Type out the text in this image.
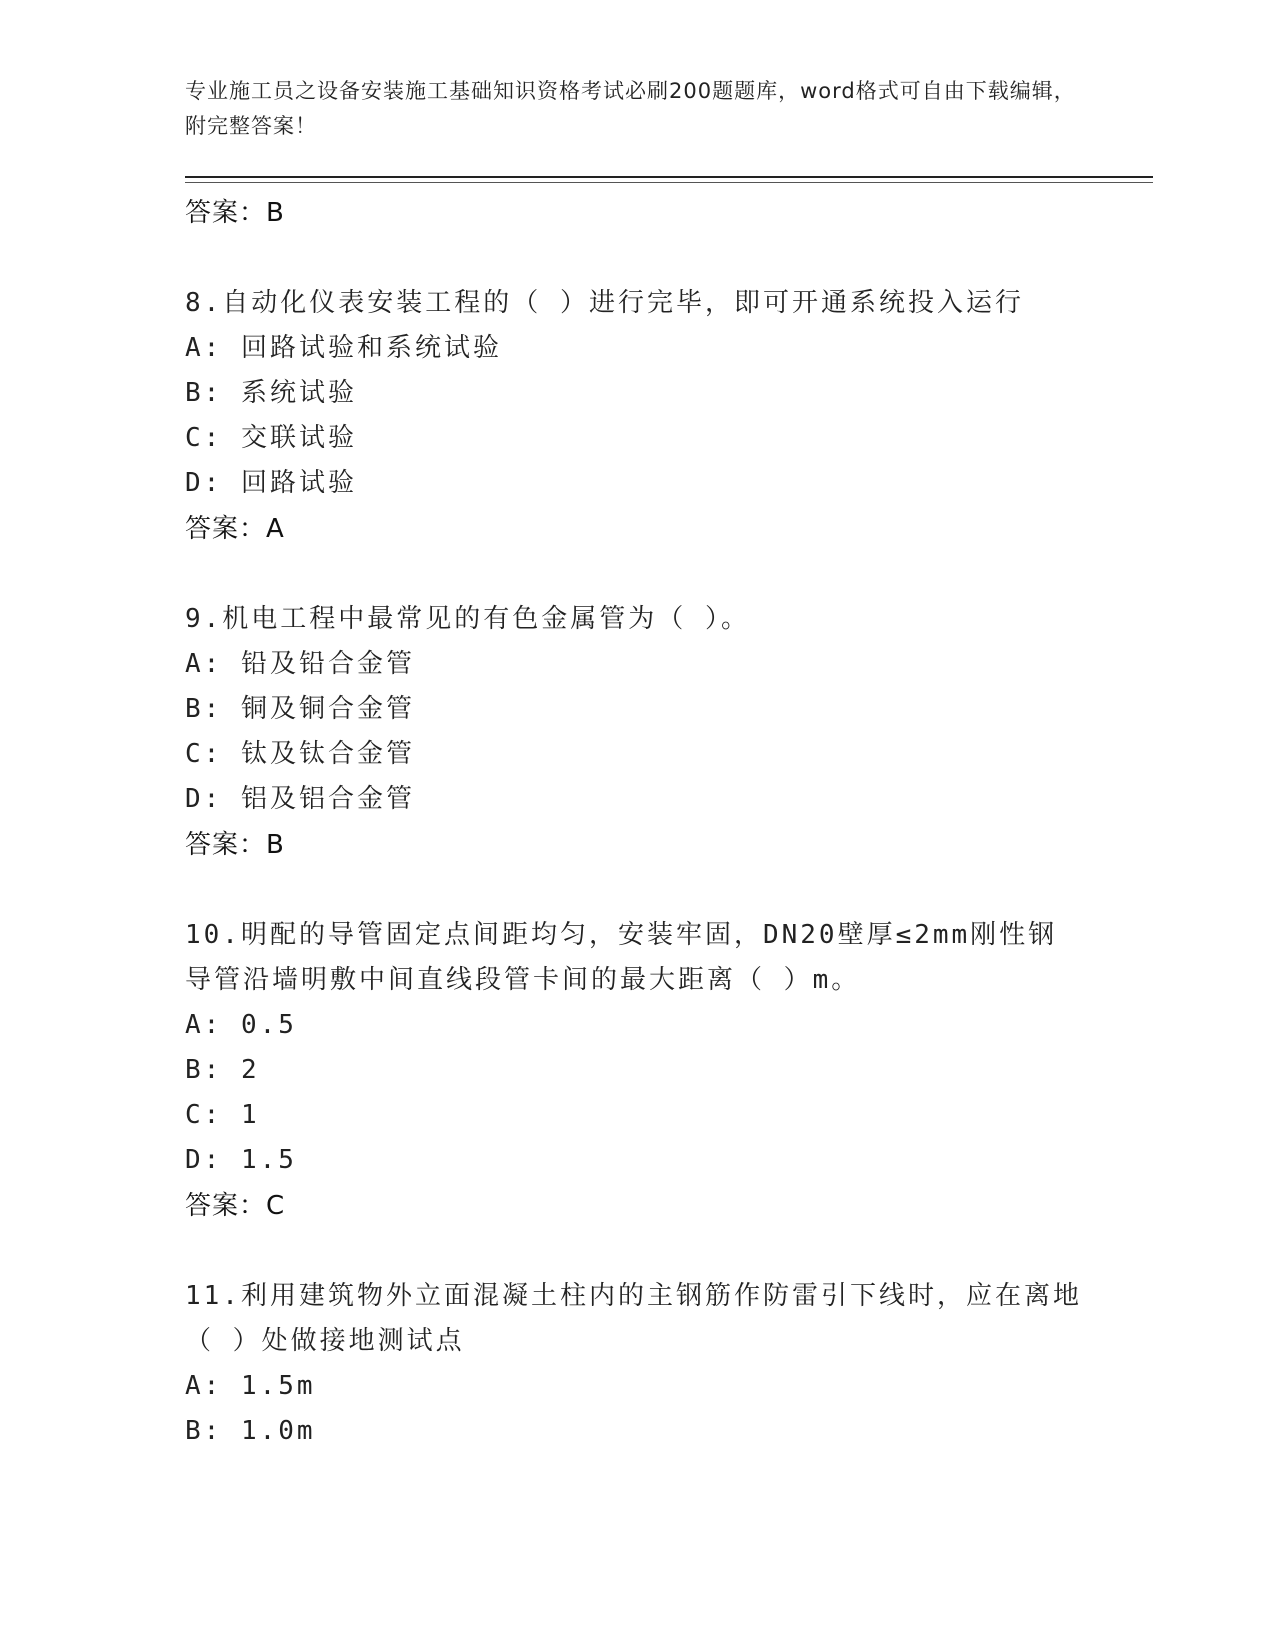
专业施工员之设备安装施工基础知识资格考试必刷200题题库，word格式可自由下载编辑，附完整答案！
答案：B
8.自动化仪表安装工程的（ ）进行完毕，即可开通系统投入运行
A: 回路试验和系统试验
B: 系统试验
C: 交联试验
D: 回路试验
答案：A
9.机电工程中最常见的有色金属管为（ ）。
A: 铅及铅合金管
B: 铜及铜合金管
C: 钛及钛合金管
D: 铝及铝合金管
答案：B
10.明配的导管固定点间距均匀，安装牢固，DN20壁厚≤2mm刚性钢导管沿墙明敷中间直线段管卡间的最大距离（ ）m。
A: 0.5
B: 2
C: 1
D: 1.5
答案：C
11.利用建筑物外立面混凝土柱内的主钢筋作防雷引下线时，应在离地（ ）处做接地测试点
A: 1.5m
B: 1.0m
